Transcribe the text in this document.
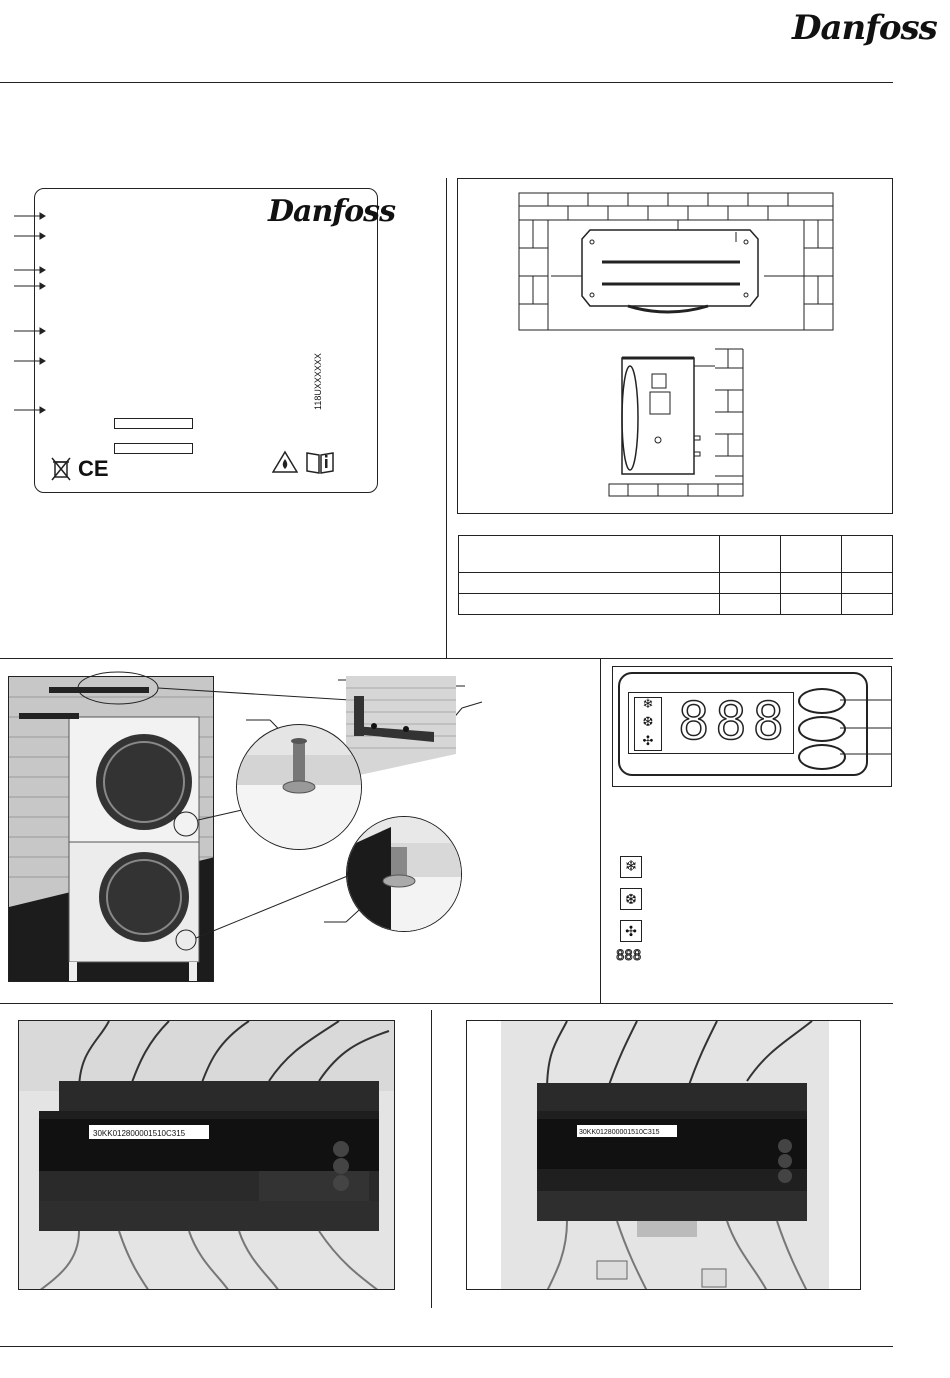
Danfoss
Danfoss
118UXXXXXX
CE

❄
❆
✣ 888
❄
❆
✣
888
30KK012800001510C315	30KK012800001510C315
